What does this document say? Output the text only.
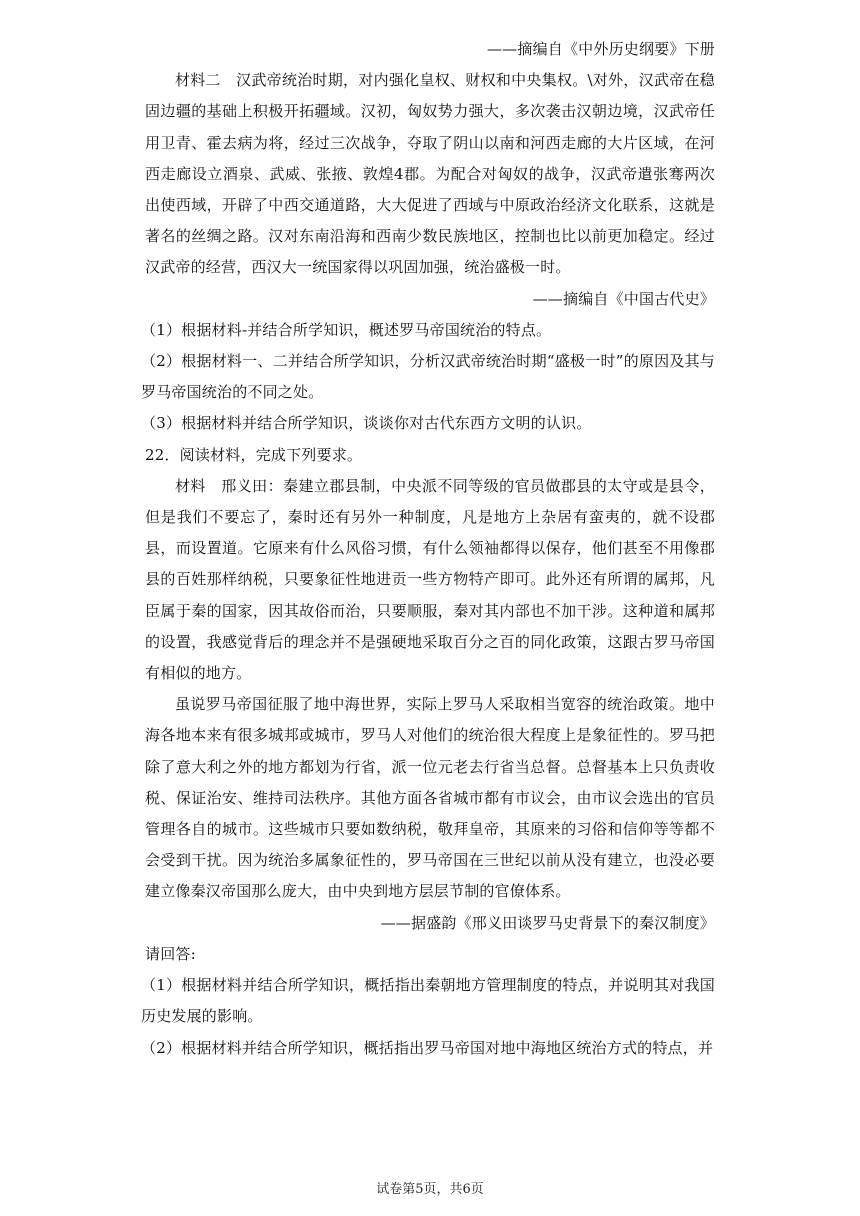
——摘编自《中外历史纲要》下册

材料二　汉武帝统治时期，对内强化皇权、财权和中央集权。\对外，汉武帝在稳固边疆的基础上积极开拓疆域。汉初，匈奴势力强大，多次袭击汉朝边境，汉武帝任用卫青、霍去病为将，经过三次战争，夺取了阴山以南和河西走廊的大片区域，在河西走廊设立酒泉、武威、张掖、敦煌4郡。为配合对匈奴的战争，汉武帝遣张骞两次出使西域，开辟了中西交通道路，大大促进了西域与中原政治经济文化联系，这就是著名的丝绸之路。汉对东南沿海和西南少数民族地区，控制也比以前更加稳定。经过汉武帝的经营，西汉大一统国家得以巩固加强，统治盛极一时。

——摘编自《中国古代史》

（1）根据材料-并结合所学知识，概述罗马帝国统治的特点。

（2）根据材料一、二并结合所学知识，分析汉武帝统治时期“盛极一时”的原因及其与罗马帝国统治的不同之处。

（3）根据材料并结合所学知识，谈谈你对古代东西方文明的认识。

22．阅读材料，完成下列要求。

材料　邢义田：秦建立郡县制，中央派不同等级的官员做郡县的太守或是县令，但是我们不要忘了，秦时还有另外一种制度，凡是地方上杂居有蛮夷的，就不设郡县，而设置道。它原来有什么风俗习惯，有什么领袖都得以保存，他们甚至不用像郡县的百姓那样纳税，只要象征性地进贡一些方物特产即可。此外还有所谓的属邦，凡臣属于秦的国家，因其故俗而治，只要顺服，秦对其内部也不加干涉。这种道和属邦的设置，我感觉背后的理念并不是强硬地采取百分之百的同化政策，这跟古罗马帝国有相似的地方。

虽说罗马帝国征服了地中海世界，实际上罗马人采取相当宽容的统治政策。地中海各地本来有很多城邦或城市，罗马人对他们的统治很大程度上是象征性的。罗马把除了意大利之外的地方都划为行省，派一位元老去行省当总督。总督基本上只负责收税、保证治安、维持司法秩序。其他方面各省城市都有市议会，由市议会选出的官员管理各自的城市。这些城市只要如数纳税，敬拜皇帝，其原来的习俗和信仰等等都不会受到干扰。因为统治多属象征性的，罗马帝国在三世纪以前从没有建立，也没必要建立像秦汉帝国那么庞大，由中央到地方层层节制的官僚体系。

——据盛韵《邢义田谈罗马史背景下的秦汉制度》

请回答:

（1）根据材料并结合所学知识，概括指出秦朝地方管理制度的特点，并说明其对我国历史发展的影响。

（2）根据材料并结合所学知识，概括指出罗马帝国对地中海地区统治方式的特点，并

试卷第5页，共6页
